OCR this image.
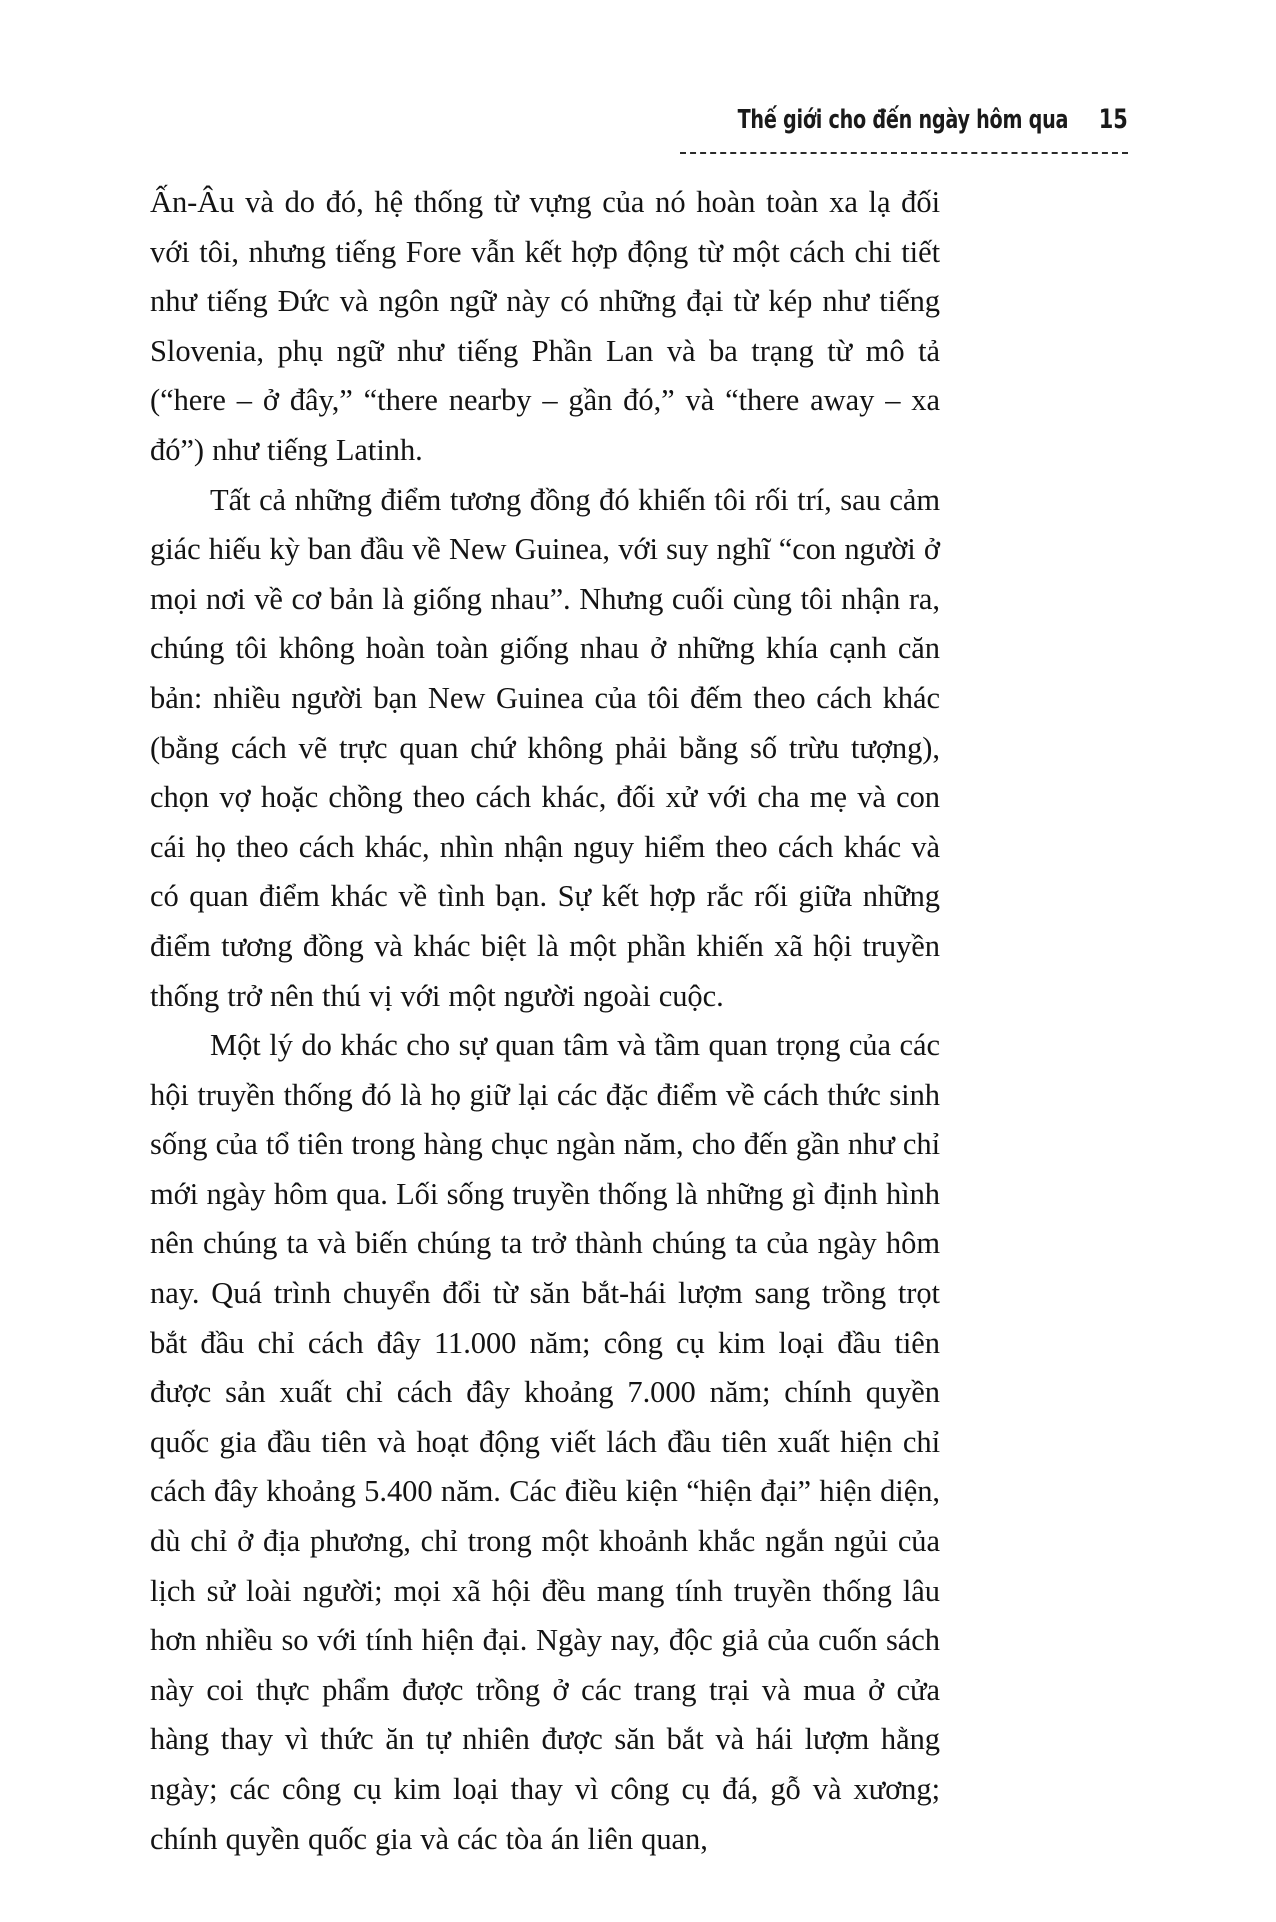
Thế giới cho đến ngày hôm qua 15

Ấn-Âu và do đó, hệ thống từ vựng của nó hoàn toàn xa lạ đối với tôi, nhưng tiếng Fore vẫn kết hợp động từ một cách chi tiết như tiếng Đức và ngôn ngữ này có những đại từ kép như tiếng Slovenia, phụ ngữ như tiếng Phần Lan và ba trạng từ mô tả (“here – ở đây,” “there nearby – gần đó,” và “there away – xa đó”) như tiếng Latinh.

Tất cả những điểm tương đồng đó khiến tôi rối trí, sau cảm giác hiếu kỳ ban đầu về New Guinea, với suy nghĩ “con người ở mọi nơi về cơ bản là giống nhau”. Nhưng cuối cùng tôi nhận ra, chúng tôi không hoàn toàn giống nhau ở những khía cạnh căn bản: nhiều người bạn New Guinea của tôi đếm theo cách khác (bằng cách vẽ trực quan chứ không phải bằng số trừu tượng), chọn vợ hoặc chồng theo cách khác, đối xử với cha mẹ và con cái họ theo cách khác, nhìn nhận nguy hiểm theo cách khác và có quan điểm khác về tình bạn. Sự kết hợp rắc rối giữa những điểm tương đồng và khác biệt là một phần khiến xã hội truyền thống trở nên thú vị với một người ngoài cuộc.

Một lý do khác cho sự quan tâm và tầm quan trọng của các hội truyền thống đó là họ giữ lại các đặc điểm về cách thức sinh sống của tổ tiên trong hàng chục ngàn năm, cho đến gần như chỉ mới ngày hôm qua. Lối sống truyền thống là những gì định hình nên chúng ta và biến chúng ta trở thành chúng ta của ngày hôm nay. Quá trình chuyển đổi từ săn bắt-hái lượm sang trồng trọt bắt đầu chỉ cách đây 11.000 năm; công cụ kim loại đầu tiên được sản xuất chỉ cách đây khoảng 7.000 năm; chính quyền quốc gia đầu tiên và hoạt động viết lách đầu tiên xuất hiện chỉ cách đây khoảng 5.400 năm. Các điều kiện “hiện đại” hiện diện, dù chỉ ở địa phương, chỉ trong một khoảnh khắc ngắn ngủi của lịch sử loài người; mọi xã hội đều mang tính truyền thống lâu hơn nhiều so với tính hiện đại. Ngày nay, độc giả của cuốn sách này coi thực phẩm được trồng ở các trang trại và mua ở cửa hàng thay vì thức ăn tự nhiên được săn bắt và hái lượm hằng ngày; các công cụ kim loại thay vì công cụ đá, gỗ và xương; chính quyền quốc gia và các tòa án liên quan,
